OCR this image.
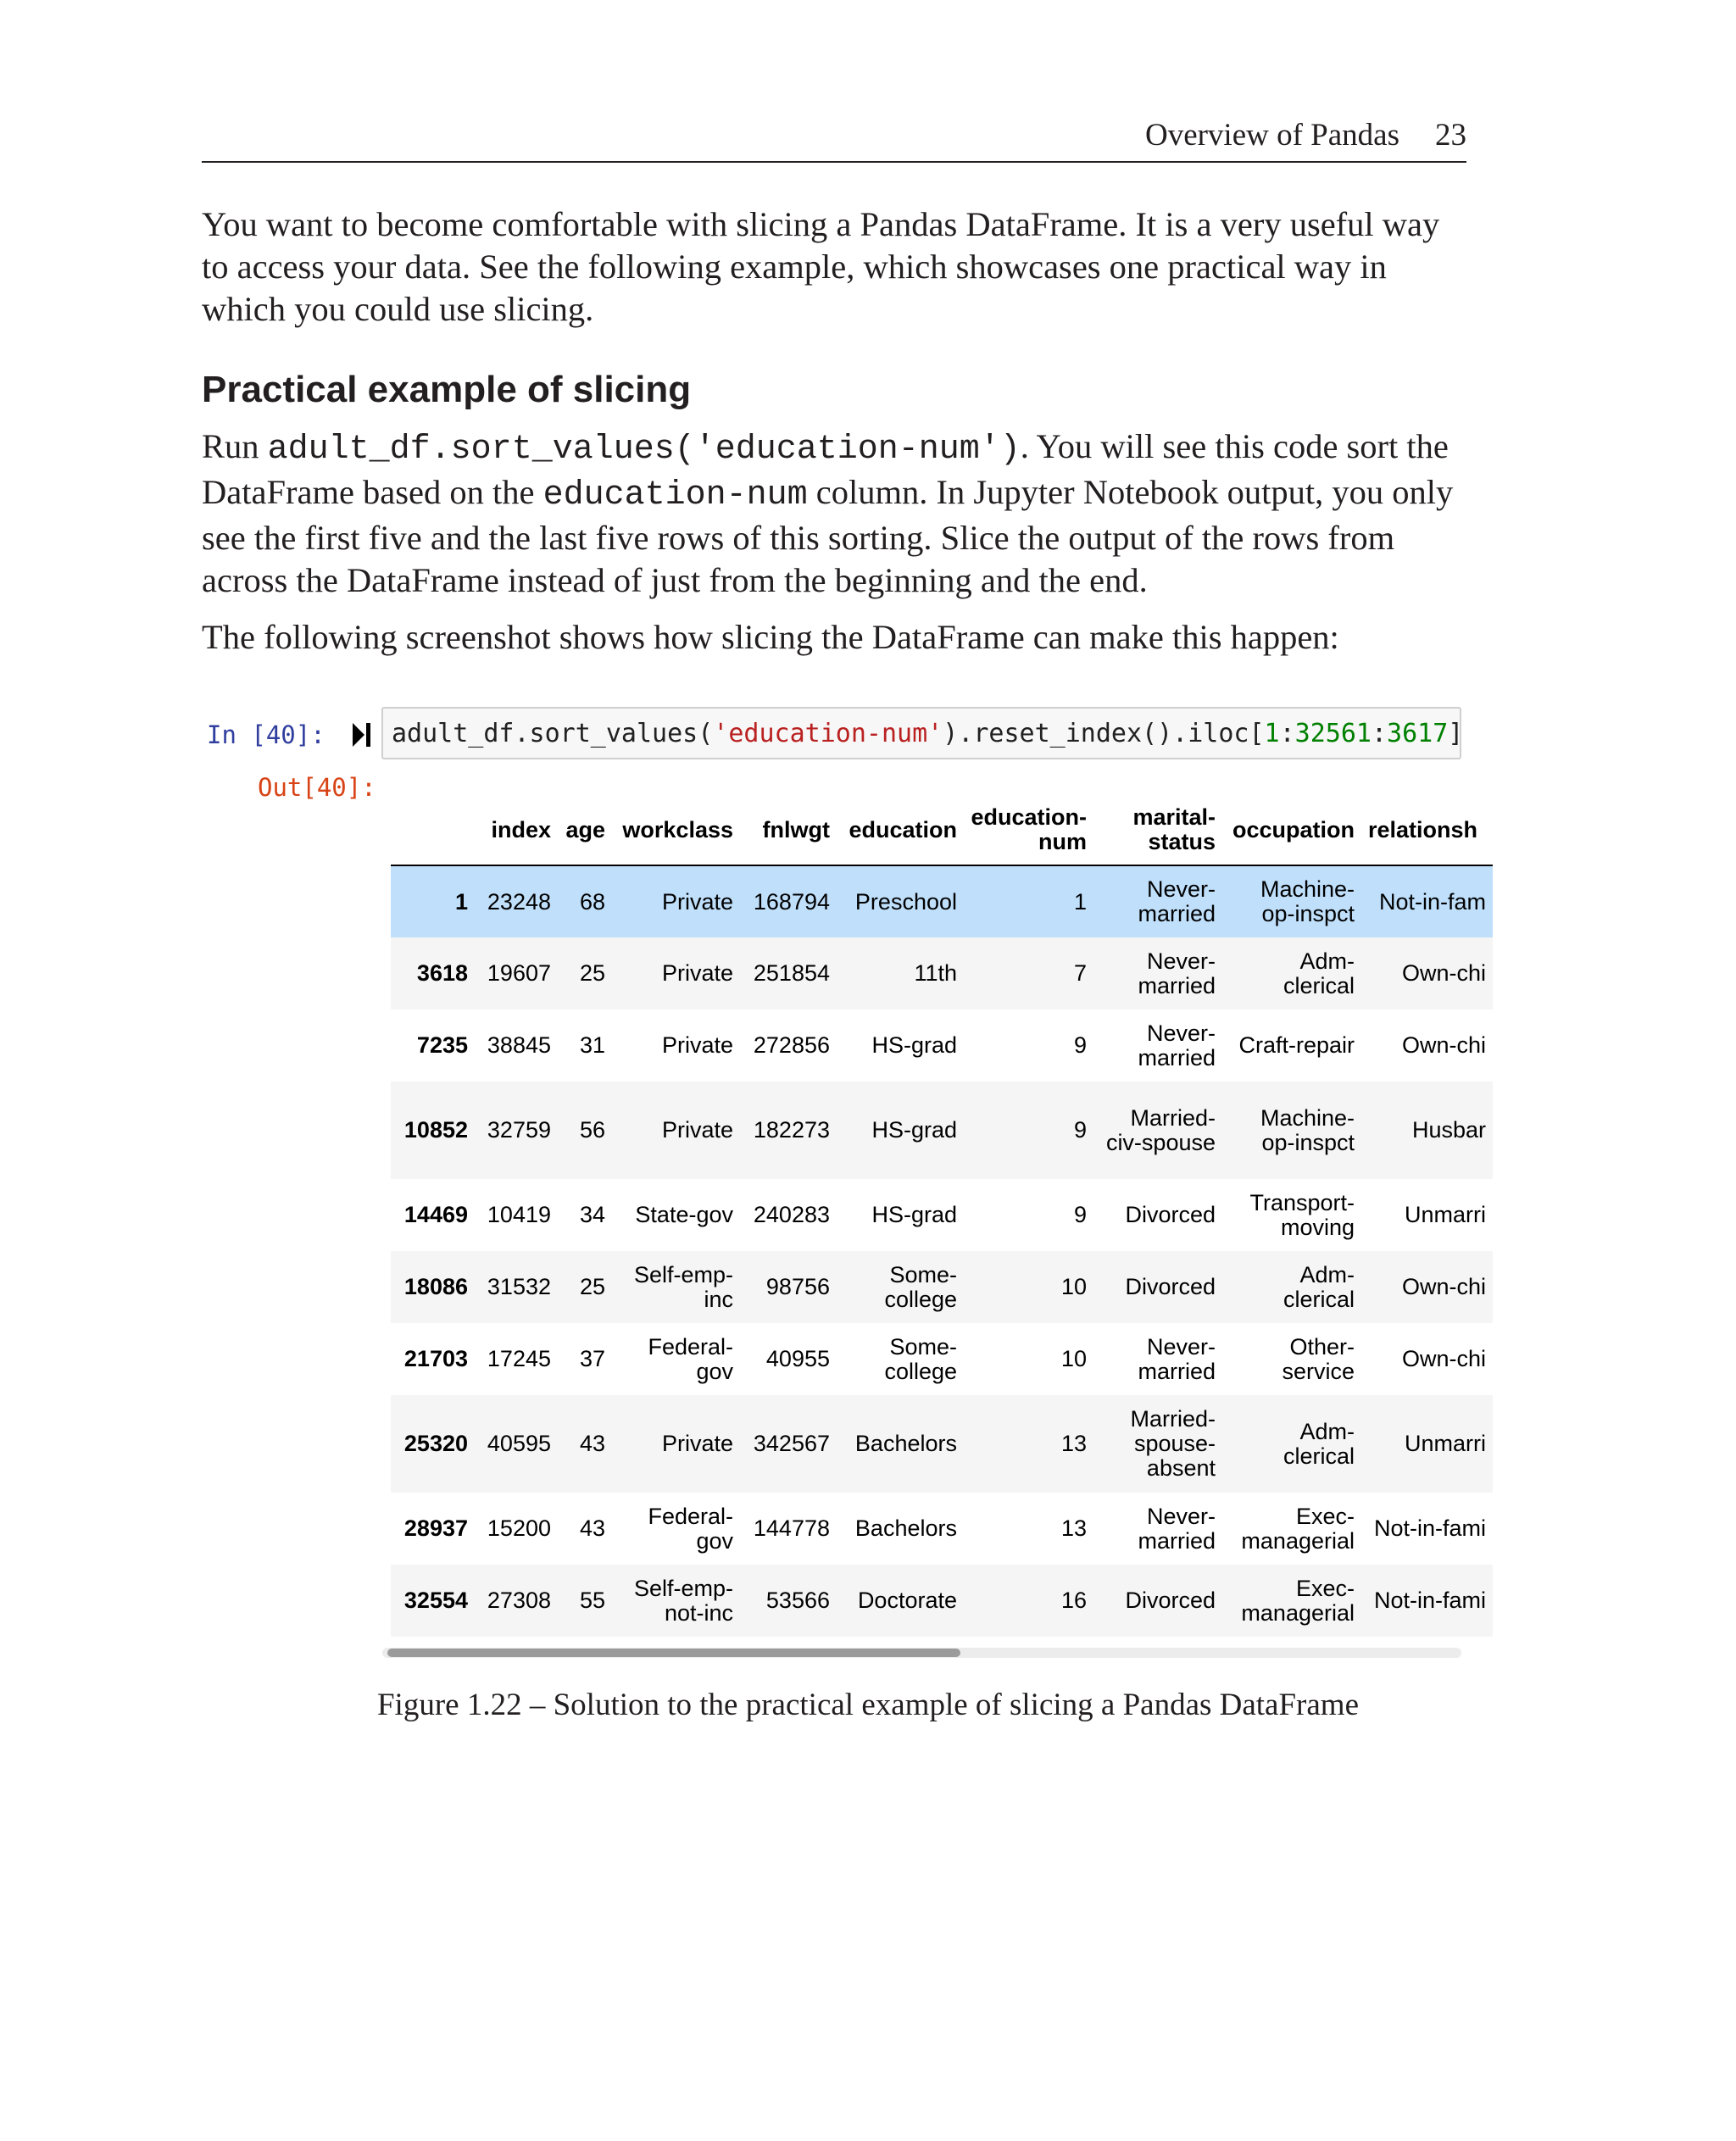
Overview of Pandas 23

You want to become comfortable with slicing a Pandas DataFrame. It is a very useful way to access your data. See the following example, which showcases one practical way in which you could use slicing.

Practical example of slicing

Run adult_df.sort_values('education-num'). You will see this code sort the DataFrame based on the education-num column. In Jupyter Notebook output, you only see the first five and the last five rows of this sorting. Slice the output of the rows from across the DataFrame instead of just from the beginning and the end.

The following screenshot shows how slicing the DataFrame can make this happen:

In [40]:
Out[40]:
adult_df.sort_values( 'education-num' ).reset_index().iloc[ 1 : 32561 : 3617 ]
	index	age	workclass	fnlwgt	education	education-num	marital-status	occupation	relationsh
1	23248	68	Private	168794	Preschool	1	Never-married	Machine-op-inspct	Not-in-fam
3618	19607	25	Private	251854	11th	7	Never-married	Adm-clerical	Own-chi
7235	38845	31	Private	272856	HS-grad	9	Never-married	Craft-repair	Own-chi
10852	32759	56	Private	182273	HS-grad	9	Married-civ-spouse	Machine-op-inspct	Husbar
14469	10419	34	State-gov	240283	HS-grad	9	Divorced	Transport-moving	Unmarri
18086	31532	25	Self-emp-inc	98756	Some-college	10	Divorced	Adm-clerical	Own-chi
21703	17245	37	Federal-gov	40955	Some-college	10	Never-married	Other-service	Own-chi
25320	40595	43	Private	342567	Bachelors	13	Married-spouse-absent	Adm-clerical	Unmarri
28937	15200	43	Federal-gov	144778	Bachelors	13	Never-married	Exec-managerial	Not-in-fami
32554	27308	55	Self-emp-not-inc	53566	Doctorate	16	Divorced	Exec-managerial	Not-in-fami

Figure 1.22 – Solution to the practical example of slicing a Pandas DataFrame
